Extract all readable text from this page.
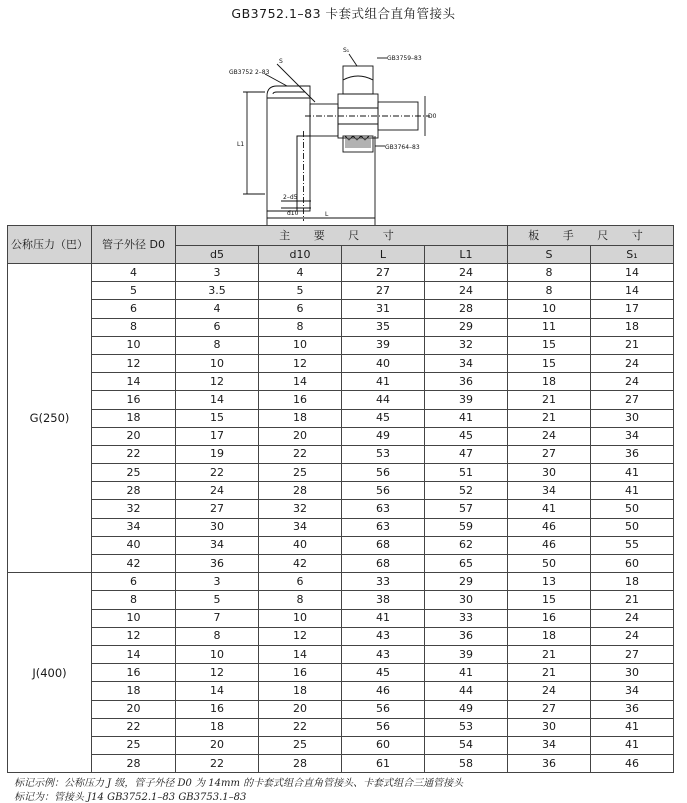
GB3752.1–83 卡套式组合直角管接头
S
S₁
GB3752 2–83
GB3759–83
GB3764–83
L1
L
2–d5
d10
D0
公称压力（巴）	管子外径 D0	主 要 尺 寸				板 手 尺 寸	
		d5	d10	L	L1	S	S₁
G(250)	4	3	4	27	24	8	14
	5	3.5	5	27	24	8	14
	6	4	6	31	28	10	17
	8	6	8	35	29	11	18
	10	8	10	39	32	15	21
	12	10	12	40	34	15	24
	14	12	14	41	36	18	24
	16	14	16	44	39	21	27
	18	15	18	45	41	21	30
	20	17	20	49	45	24	34
	22	19	22	53	47	27	36
	25	22	25	56	51	30	41
	28	24	28	56	52	34	41
	32	27	32	63	57	41	50
	34	30	34	63	59	46	50
	40	34	40	68	62	46	55
	42	36	42	68	65	50	60
J(400)	6	3	6	33	29	13	18
	8	5	8	38	30	15	21
	10	7	10	41	33	16	24
	12	8	12	43	36	18	24
	14	10	14	43	39	21	27
	16	12	16	45	41	21	30
	18	14	18	46	44	24	34
	20	16	20	56	49	27	36
	22	18	22	56	53	30	41
	25	20	25	60	54	34	41
	28	22	28	61	58	36	46
标记示例：公称压力 J 级，管子外径 D0 为 14mm 的卡套式组合直角管接头、卡套式组合三通管接头
标记为：管接头 J14 GB3752.1–83 GB3753.1–83
